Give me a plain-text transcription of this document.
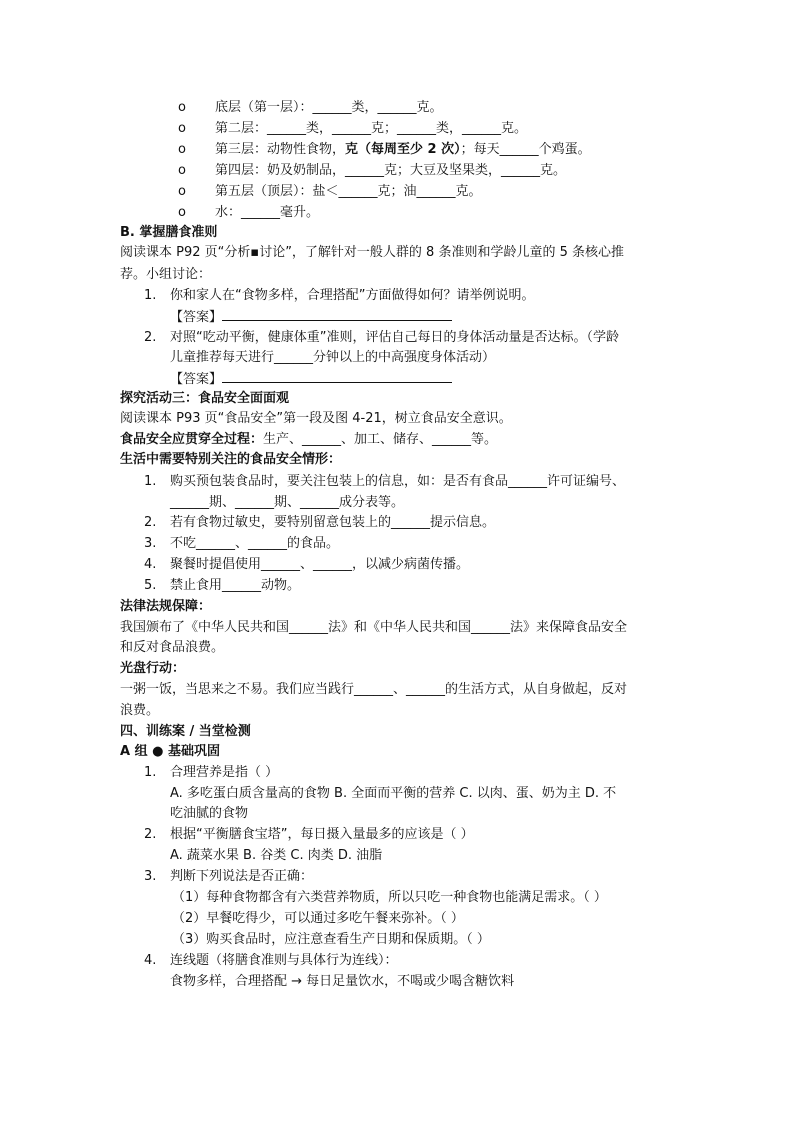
o 底层（第一层）：______类，______克。
o 第二层：______类，______克；______类，______克。
o 第三层：动物性食物，克（每周至少 2 次）；每天______个鸡蛋。
o 第四层：奶及奶制品，______克；大豆及坚果类，______克。
o 第五层（顶层）：盐＜______克；油______克。
o 水：______毫升。
B. 掌握膳食准则
阅读课本 P92 页“分析▪讨论”，了解针对一般人群的 8 条准则和学龄儿童的 5 条核心推
荐。小组讨论：
1. 你和家人在“食物多样，合理搭配”方面做得如何？请举例说明。
【答案】
2. 对照“吃动平衡，健康体重”准则，评估自己每日的身体活动量是否达标。（学龄
儿童推荐每天进行______分钟以上的中高强度身体活动）
【答案】
探究活动三：食品安全面面观
阅读课本 P93 页“食品安全”第一段及图 4-21，树立食品安全意识。
食品安全应贯穿全过程：生产、______、加工、储存、______等。
生活中需要特别关注的食品安全情形：
1. 购买预包装食品时，要关注包装上的信息，如：是否有食品______许可证编号、
______期、______期、______成分表等。
2. 若有食物过敏史，要特别留意包装上的______提示信息。
3. 不吃______、______的食品。
4. 聚餐时提倡使用______、______，以减少病菌传播。
5. 禁止食用______动物。
法律法规保障：
我国颁布了《中华人民共和国______法》和《中华人民共和国______法》来保障食品安全
和反对食品浪费。
光盘行动：
一粥一饭，当思来之不易。我们应当践行______、______的生活方式，从自身做起，反对
浪费。
四、训练案 / 当堂检测
A 组 ● 基础巩固
1. 合理营养是指（ ）
A. 多吃蛋白质含量高的食物 B. 全面而平衡的营养 C. 以肉、蛋、奶为主 D. 不
吃油腻的食物
2. 根据“平衡膳食宝塔”，每日摄入量最多的应该是（ ）
A. 蔬菜水果 B. 谷类 C. 肉类 D. 油脂
3. 判断下列说法是否正确：
（1）每种食物都含有六类营养物质，所以只吃一种食物也能满足需求。（ ）
（2）早餐吃得少，可以通过多吃午餐来弥补。（ ）
（3）购买食品时，应注意查看生产日期和保质期。（ ）
4. 连线题（将膳食准则与具体行为连线）：
食物多样，合理搭配 → 每日足量饮水，不喝或少喝含糖饮料
